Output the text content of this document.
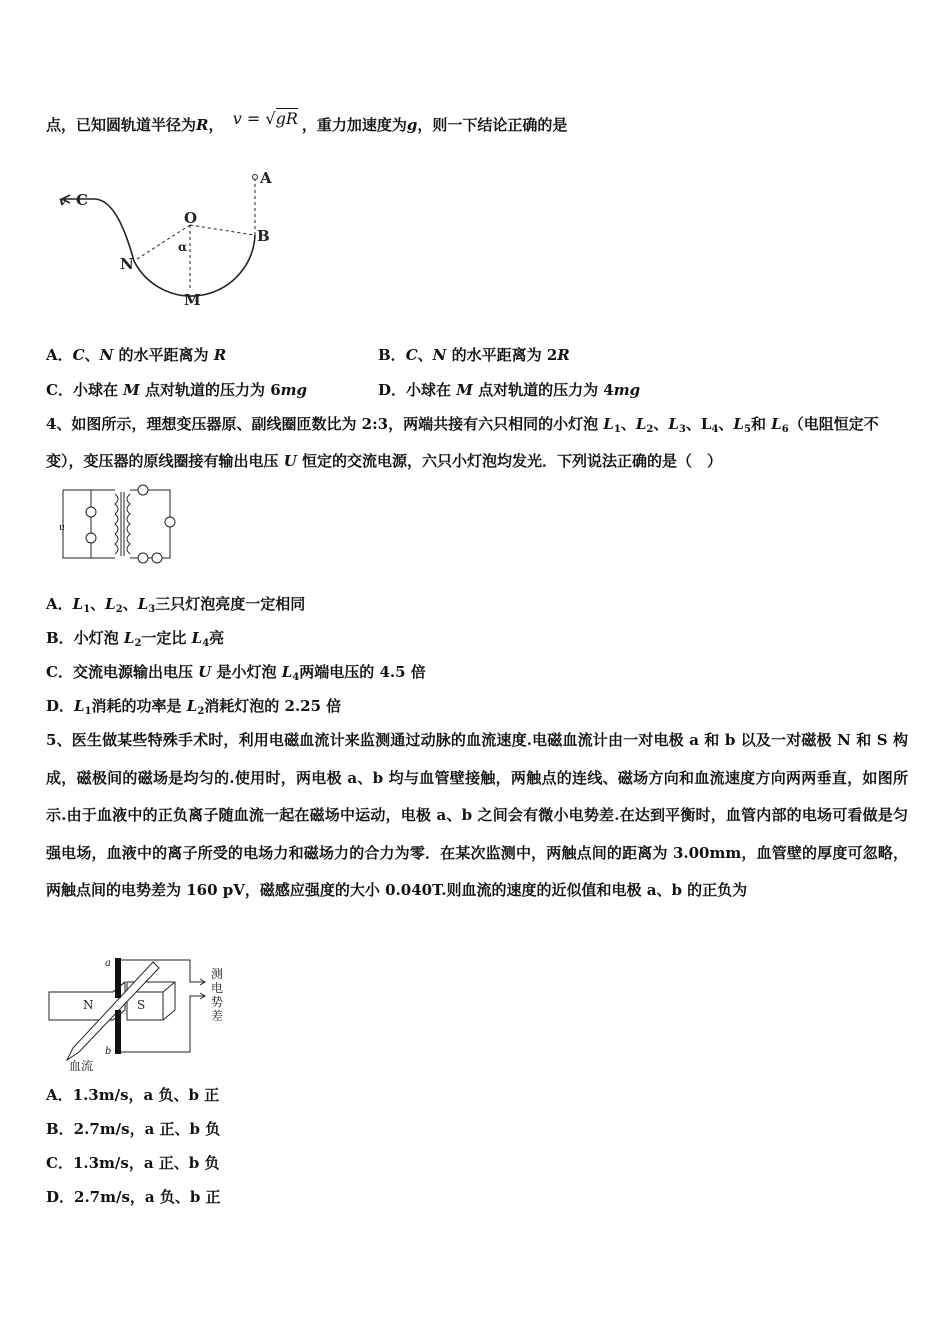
点，已知圆轨道半径为R， v = √gR ，重力加速度为g，则一下结论正确的是
v C
O
α
N
M
B
A
A．C、N 的水平距离为 R	B．C、N 的水平距离为 2R
C．小球在 M 点对轨道的压力为 6mg	D．小球在 M 点对轨道的压力为 4mg
4、如图所示，理想变压器原、副线圈匝数比为 2:3，两端共接有六只相同的小灯泡 $L_1$、$L_2$、$L_3$、$L_4$、$L_5$和 $L_6$（电阻恒定不
变），变压器的原线圈接有输出电压 U 恒定的交流电源，六只小灯泡均发光．下列说法正确的是（　）
u
A．$L_1$、$L_2$、$L_3$三只灯泡亮度一定相同
B．小灯泡 $L_2$一定比 $L_4$亮
C．交流电源输出电压 U 是小灯泡 $L_4$两端电压的 4.5 倍
D．$L_1$消耗的功率是 $L_2$消耗灯泡的 2.25 倍
5、医生做某些特殊手术时，利用电磁血流计来监测通过动脉的血流速度.电磁血流计由一对电极 a 和 b 以及一对磁极 N 和 S 构成，磁极间的磁场是均匀的.使用时，两电极 a、b 均与血管壁接触，两触点的连线、磁场方向和血流速度方向两两垂直，如图所示.由于血液中的正负离子随血流一起在磁场中运动，电极 a、b 之间会有微小电势差.在达到平衡时，血管内部的电场可看做是匀强电场，血液中的离子所受的电场力和磁场力的合力为零．在某次监测中，两触点间的距离为 3.00mm，血管壁的厚度可忽略，两触点间的电势差为 160 pV，磁感应强度的大小 0.040T.则血流的速度的近似值和电极 a、b 的正负为
a
b
N	S
测
电
势
差
血流
A．1.3m/s，a 负、b 正
B．2.7m/s，a 正、b 负
C．1.3m/s，a 正、b 负
D．2.7m/s，a 负、b 正
